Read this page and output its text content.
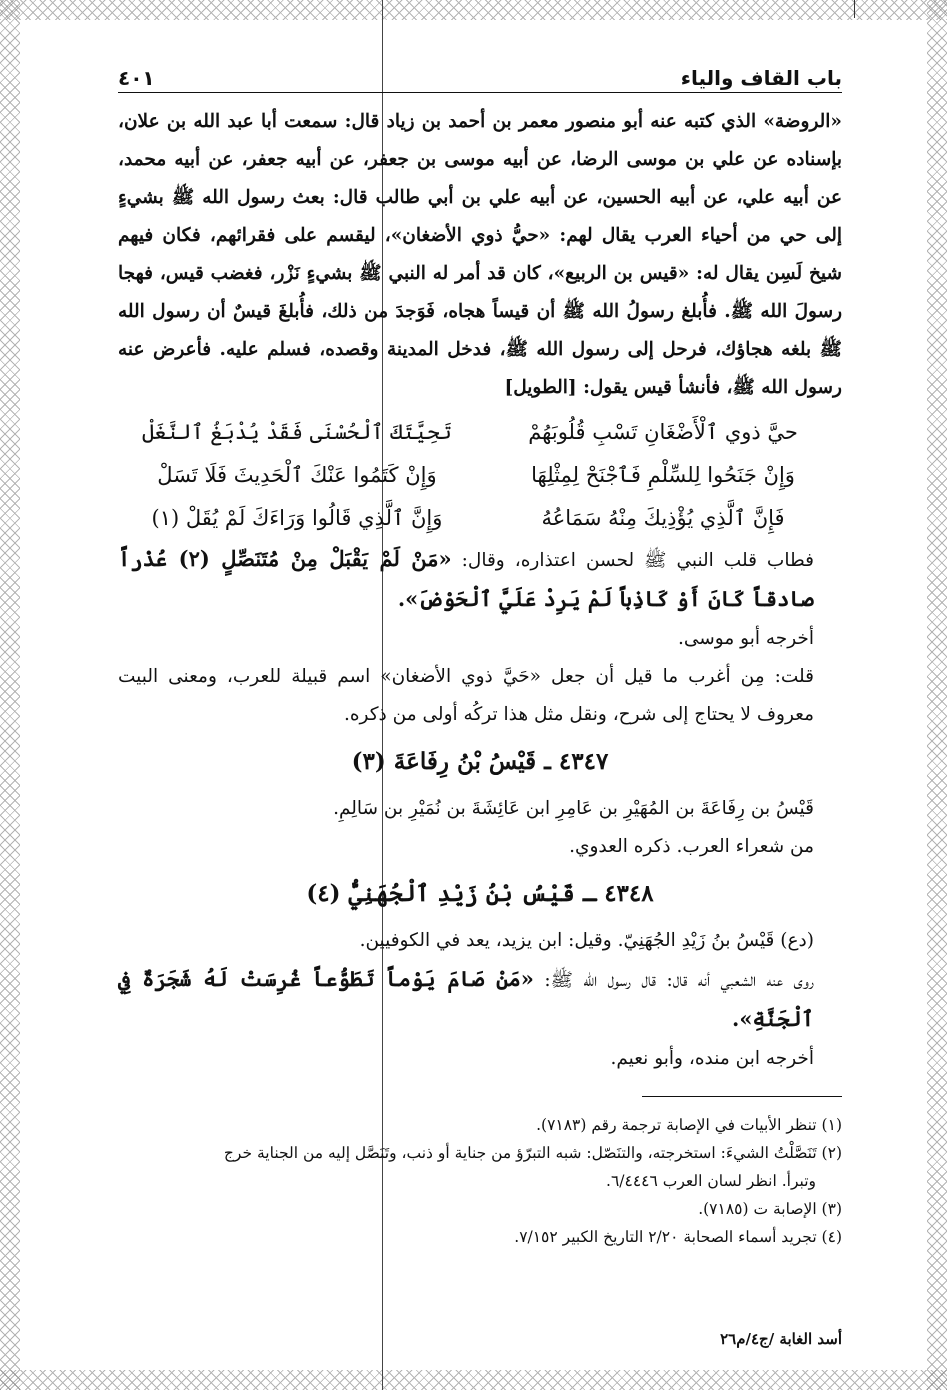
باب القاف والياء
٤٠١

«الروضة» الذي كتبه عنه أبو منصور معمر بن أحمد بن زياد قال: سمعت أبا عبد الله بن علان، بإسناده عن علي بن موسى الرضا، عن أبيه موسى بن جعفر، عن أبيه جعفر، عن أبيه محمد، عن أبيه علي، عن أبيه الحسين، عن أبيه علي بن أبي طالب قال: بعث رسول الله ﷺ بشيءٍ إلى حي من أحياء العرب يقال لهم: «حيُّ ذوي الأضغان»، ليقسم على فقرائهم، فكان فيهم شيخ لَسِن يقال له: «قيس بن الربيع»، كان قد أمر له النبي ﷺ بشيءٍ نَزْر، فغضب قيس، فهجا رسولَ الله ﷺ. فأُبلغ رسولُ الله ﷺ أن قيساً هجاه، فَوَجدَ من ذلك، فأُبلغَ قيسٌ أن رسول الله ﷺ بلغه هجاؤك، فرحل إلى رسول الله ﷺ، فدخل المدينة وقصده، فسلم عليه. فأعرض عنه رسول الله ﷺ، فأنشأ قيس يقول: [الطويل]

حيَّ ذوي ٱلْأَضْغَانِ تَسْبِ قُلُوبَهُمْ
تَحِيَّتَكَ ٱلْحُسْنَى فَقَدْ يُدْبَغُ ٱلنَّغَلْ
وَإِنْ جَنَحُوا لِلسِّلْمِ فَٱجْنَحْ لِمِثْلِهَا
وَإِنْ كَتَمُوا عَنْكَ ٱلْحَدِيثَ فَلَا تَسَلْ
فَإِنَّ ٱلَّذِي يُؤْذِيكَ مِنْهُ سَمَاعُهُ
وَإِنَّ ٱلَّذِي قَالُوا وَرَاءَكَ لَمْ يُقَلْ (١)

فطاب قلب النبي ﷺ لحسن اعتذاره، وقال: «مَنْ لَمْ يَقْبَلْ مِنْ مُتَنَصِّلٍ (٢) عُذْراً صادقاً كَانَ أَوْ كَاذِباً لَمْ يَرِدْ عَلَيَّ ٱلْحَوْضَ».

أخرجه أبو موسى.

قلت: مِن أغرب ما قيل أن جعل «حَيَّ ذوي الأضغان» اسم قبيلة للعرب، ومعنى البيت معروف لا يحتاج إلى شرح، ونقل مثل هذا تركُه أولى من ذكره.

٤٣٤٧ ـ قَيْسُ بْنُ رِفَاعَةَ (٣)

قَيْسُ بن رِفَاعَةَ بن المُهَيْرِ بن عَامِرِ ابن عَائِشَةَ بن نُمَيْرِ بن سَالِمِ.

من شعراء العرب. ذكره العدوي.

٤٣٤٨ ـ قَيْسُ بْنُ زَيْدِ ٱلْجُهَنِيُّ (٤)

(دع) قَيْسُ بنُ زَيْدِ الجُهَنِيّ. وقيل: ابن يزيد، يعد في الكوفيين.

روى عنه الشعبي أنه قال: قال رسول الله ﷺ: «مَنْ صَامَ يَوْماً تَطَوُّعاً غُرِسَتْ لَهُ شَجَرَةٌ فِي ٱلْجَنَّةِ».

أخرجه ابن منده، وأبو نعيم.

(١) تنظر الأبيات في الإصابة ترجمة رقم (٧١٨٣).

(٢) تَنَصَّلْتُ الشيءَ: استخرجته، والتنَصّل: شبه التبرّؤ من جناية أو ذنب، وتَنَصَّل إليه من الجناية خرج

وتبرأ. انظر لسان العرب ٦/٤٤٤٦.

(٣) الإصابة ت (٧١٨٥).

(٤) تجريد أسماء الصحابة ٢/٢٠ التاريخ الكبير ٧/١٥٢.

أسد الغابة /ج٤/م٢٦
